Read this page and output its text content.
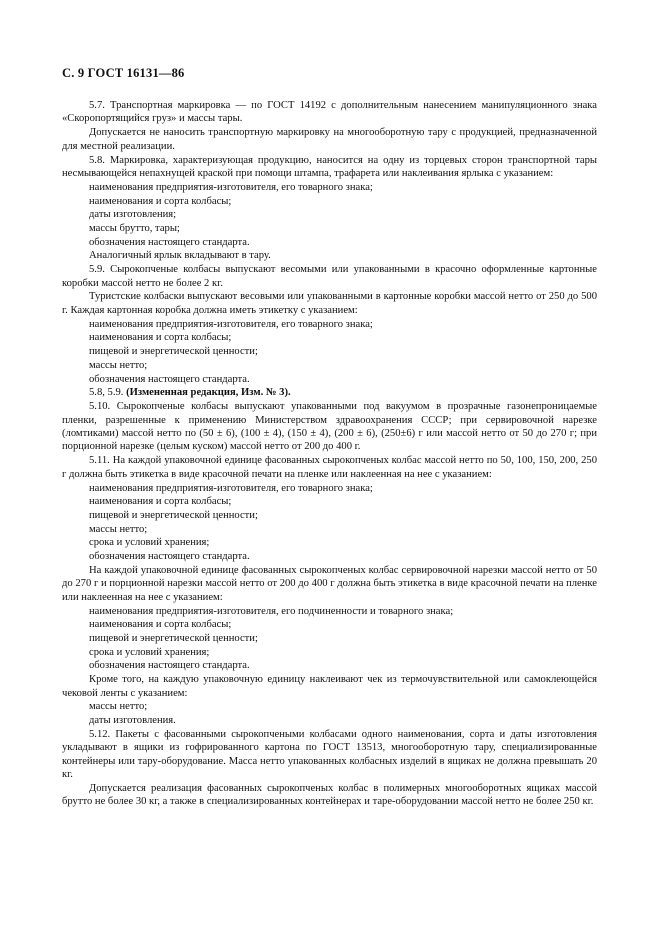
С. 9 ГОСТ 16131—86
5.7. Транспортная маркировка — по ГОСТ 14192 с дополнительным нанесением манипуляционного знака «Скоропортящийся груз» и массы тары.
Допускается не наносить транспортную маркировку на многооборотную тару с продукцией, предназначенной для местной реализации.
5.8. Маркировка, характеризующая продукцию, наносится на одну из торцевых сторон транспортной тары несмывающейся непахнущей краской при помощи штампа, трафарета или наклеивания ярлыка с указанием:
наименования предприятия-изготовителя, его товарного знака;
наименования и сорта колбасы;
даты изготовления;
массы брутто, тары;
обозначения настоящего стандарта.
Аналогичный ярлык вкладывают в тару.
5.9. Сырокопченые колбасы выпускают весомыми или упакованными в красочно оформленные картонные коробки массой нетто не более 2 кг.
Туристские колбаски выпускают весовыми или упакованными в картонные коробки массой нетто от 250 до 500 г. Каждая картонная коробка должна иметь этикетку с указанием:
наименования предприятия-изготовителя, его товарного знака;
наименования и сорта колбасы;
пищевой и энергетической ценности;
массы нетто;
обозначения настоящего стандарта.
5.8, 5.9. (Измененная редакция, Изм. № 3).
5.10. Сырокопченые колбасы выпускают упакованными под вакуумом в прозрачные газонепроницаемые пленки, разрешенные к применению Министерством здравоохранения СССР; при сервировочной нарезке (ломтиками) массой нетто по (50 ± 6), (100 ± 4), (150 ± 4), (200 ± 6), (250±6) г или массой нетто от 50 до 270 г; при порционной нарезке (целым куском) массой нетто от 200 до 400 г.
5.11. На каждой упаковочной единице фасованных сырокопченых колбас массой нетто по 50, 100, 150, 200, 250 г должна быть этикетка в виде красочной печати на пленке или наклеенная на нее с указанием:
наименования предприятия-изготовителя, его товарного знака;
наименования и сорта колбасы;
пищевой и энергетической ценности;
массы нетто;
срока и условий хранения;
обозначения настоящего стандарта.
На каждой упаковочной единице фасованных сырокопченых колбас сервировочной нарезки массой нетто от 50 до 270 г и порционной нарезки массой нетто от 200 до 400 г должна быть этикетка в виде красочной печати на пленке или наклеенная на нее с указанием:
наименования предприятия-изготовителя, его подчиненности и товарного знака;
наименования и сорта колбасы;
пищевой и энергетической ценности;
срока и условий хранения;
обозначения настоящего стандарта.
Кроме того, на каждую упаковочную единицу наклеивают чек из термочувствительной или самоклеющейся чековой ленты с указанием:
массы нетто;
даты изготовления.
5.12. Пакеты с фасованными сырокопчеными колбасами одного наименования, сорта и даты изготовления укладывают в ящики из гофрированного картона по ГОСТ 13513, многооборотную тару, специализированные контейнеры или тару-оборудование. Масса нетто упакованных колбасных изделий в ящиках не должна превышать 20 кг.
Допускается реализация фасованных сырокопченых колбас в полимерных многооборотных ящиках массой брутто не более 30 кг, а также в специализированных контейнерах и таре-оборудовании массой нетто не более 250 кг.
